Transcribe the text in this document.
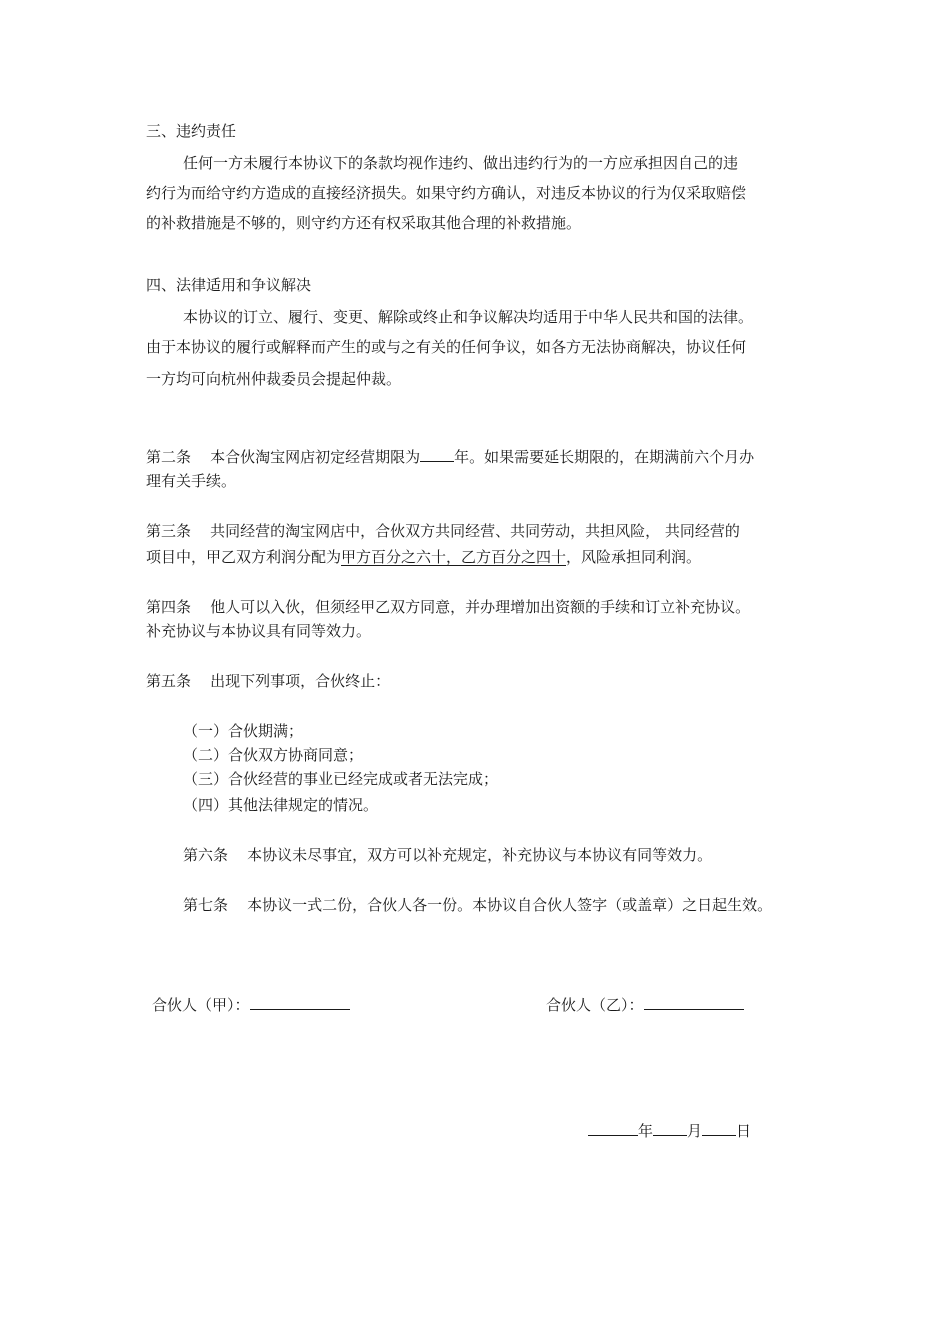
三、违约责任
任何一方未履行本协议下的条款均视作违约、做出违约行为的一方应承担因自己的违
约行为而给守约方造成的直接经济损失。如果守约方确认，对违反本协议的行为仅采取赔偿
的补救措施是不够的，则守约方还有权采取其他合理的补救措施。
四、法律适用和争议解决
本协议的订立、履行、变更、解除或终止和争议解决均适用于中华人民共和国的法律。
由于本协议的履行或解释而产生的或与之有关的任何争议，如各方无法协商解决，协议任何
一方均可向杭州仲裁委员会提起仲裁。
第二条 本合伙淘宝网店初定经营期限为 年。如果需要延长期限的，在期满前六个月办
理有关手续。
第三条 共同经营的淘宝网店中，合伙双方共同经营、共同劳动，共担风险， 共同经营的
项目中，甲乙双方利润分配为甲方百分之六十，乙方百分之四十，风险承担同利润。
第四条 他人可以入伙，但须经甲乙双方同意，并办理增加出资额的手续和订立补充协议。
补充协议与本协议具有同等效力。
第五条 出现下列事项，合伙终止：
（一）合伙期满；
（二）合伙双方协商同意；
（三）合伙经营的事业已经完成或者无法完成；
（四）其他法律规定的情况。
第六条 本协议未尽事宜，双方可以补充规定，补充协议与本协议有同等效力。
第七条 本协议一式二份，合伙人各一份。本协议自合伙人签字（或盖章）之日起生效。
合伙人（甲）：	合伙人（乙）：
年 月 日
